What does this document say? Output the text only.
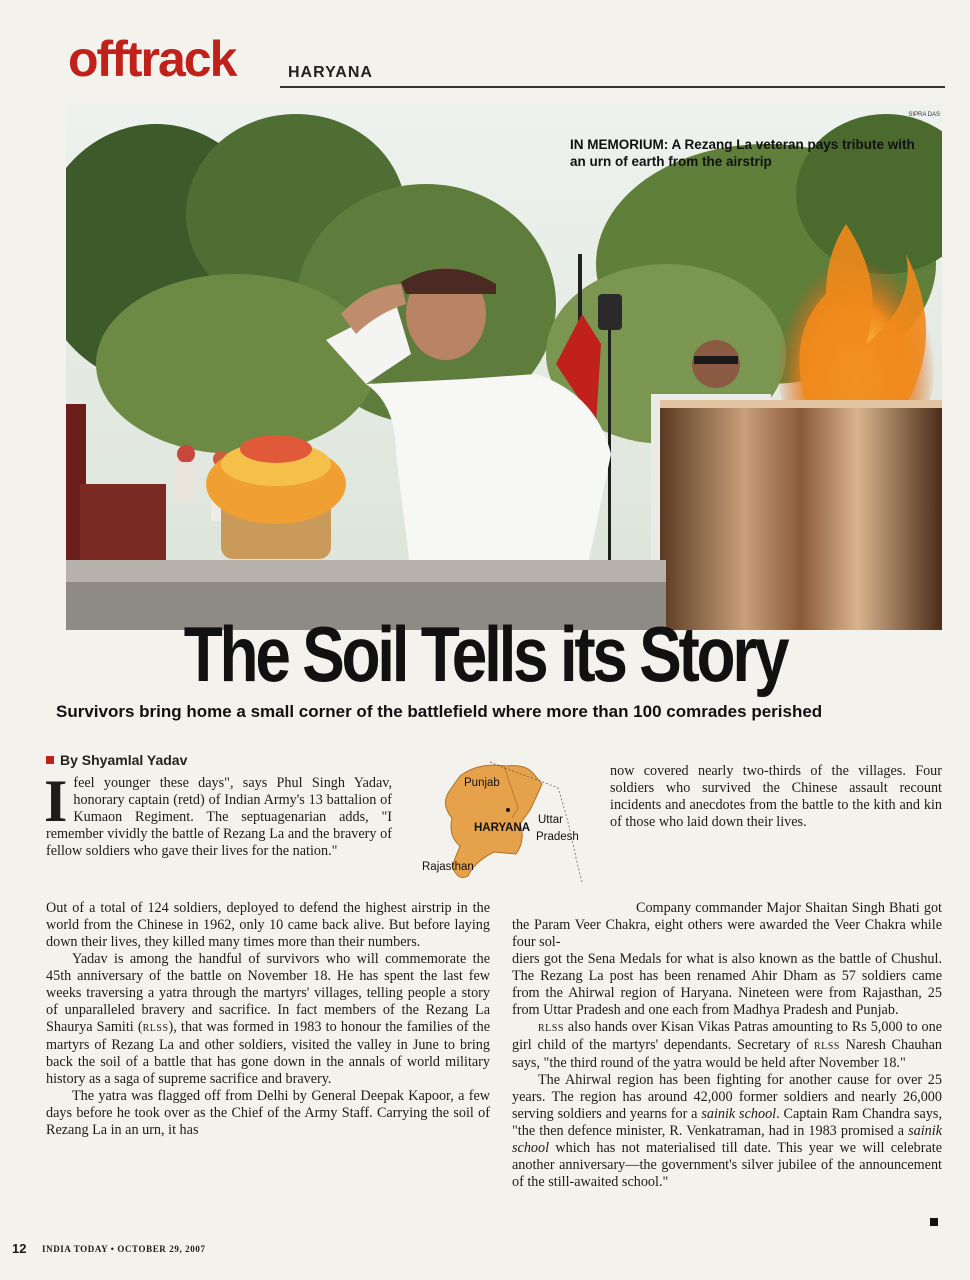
offtrack	HARYANA
SIPRA DAS
IN MEMORIUM: A Rezang La veteran pays tribute with an urn of earth from the airstrip
The Soil Tells its Story
Survivors bring home a small corner of the battlefield where more than 100 comrades perished
By Shyamlal Yadav
Punjab
HARYANA
Uttar
Pradesh
Rajasthan

Ifeel younger these days", says Phul Singh Yadav, honorary captain (retd) of Indian Army's 13 battalion of Kumaon Regiment. The septuagenarian adds, "I remember vividly the battle of Rezang La and the bravery of fellow soldiers who gave their lives for the nation."

Out of a total of 124 soldiers, deployed to defend the highest airstrip in the world from the Chinese in 1962, only 10 came back alive. But before laying down their lives, they killed many times more than their numbers.

Yadav is among the handful of survivors who will commemorate the 45th anniversary of the battle on November 18. He has spent the last few weeks traversing a yatra through the martyrs' villages, telling people a story of unparalleled bravery and sacrifice. In fact members of the Rezang La Shaurya Samiti (RLSS), that was formed in 1983 to honour the families of the martyrs of Rezang La and other soldiers, visited the valley in June to bring back the soil of a battle that has gone down in the annals of world military history as a saga of supreme sacrifice and bravery.

The yatra was flagged off from Delhi by General Deepak Kapoor, a few days before he took over as the Chief of the Army Staff. Carrying the soil of Rezang La in an urn, it has

now covered nearly two-thirds of the villages. Four soldiers who survived the Chinese assault recount incidents and anecdotes from the battle to the kith and kin of those who laid down their lives.

Company commander Major Shaitan Singh Bhati got the Param Veer Chakra, eight others were awarded the Veer Chakra while four sol-

diers got the Sena Medals for what is also known as the battle of Chushul. The Rezang La post has been renamed Ahir Dham as 57 soldiers came from the Ahirwal region of Haryana. Nineteen were from Rajasthan, 25 from Uttar Pradesh and one each from Madhya Pradesh and Punjab.

RLSS also hands over Kisan Vikas Patras amounting to Rs 5,000 to one girl child of the martyrs' dependants. Secretary of RLSS Naresh Chauhan says, "the third round of the yatra would be held after November 18."

The Ahirwal region has been fighting for another cause for over 25 years. The region has around 42,000 former soldiers and nearly 26,000 serving soldiers and yearns for a sainik school. Captain Ram Chandra says, "the then defence minister, R. Venkatraman, had in 1983 promised a sainik school which has not materialised till date. This year we will celebrate another anniversary—the government's silver jubilee of the announcement of the still-awaited school."

12 INDIA TODAY • OCTOBER 29, 2007
